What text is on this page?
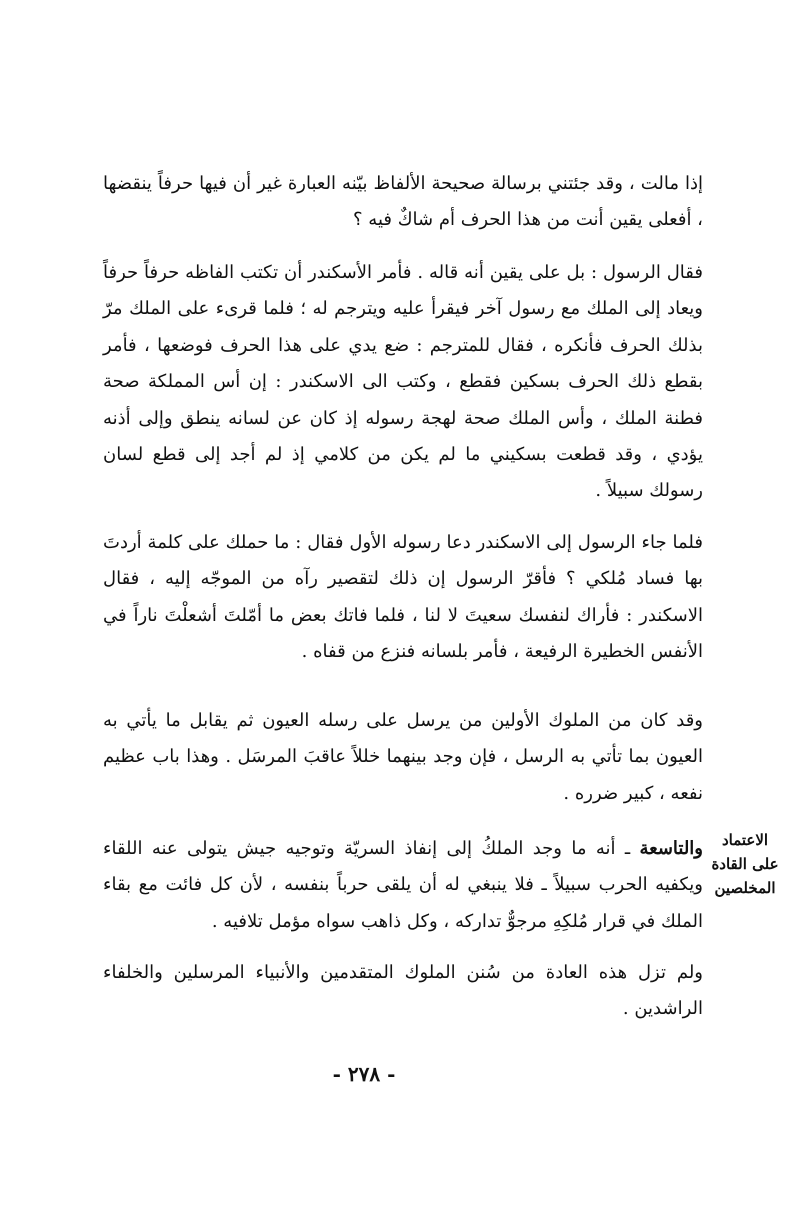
إذا مالت ، وقد جئتني برسالة صحيحة الألفاظ بيّنه العبارة غير أن فيها حرفاً ينقضها ، أفعلى يقين أنت من هذا الحرف أم شاكٌ فيه ؟

فقال الرسول : بل على يقين أنه قاله . فأمر الأسكندر أن تكتب الفاظه حرفاً حرفاً ويعاد إلى الملك مع رسول آخر فيقرأ عليه ويترجم له ؛ فلما قرىء على الملك مرّ بذلك الحرف فأنكره ، فقال للمترجم : ضع يدي على هذا الحرف فوضعها ، فأمر بقطع ذلك الحرف بسكين فقطع ، وكتب الى الاسكندر : إن أس المملكة صحة فطنة الملك ، وأس الملك صحة لهجة رسوله إذ كان عن لسانه ينطق وإلى أذنه يؤدي ، وقد قطعت بسكيني ما لم يكن من كلامي إذ لم أجد إلى قطع لسان رسولك سبيلاً .

فلما جاء الرسول إلى الاسكندر دعا رسوله الأول فقال : ما حملك على كلمة أردتَ بها فساد مُلكي ؟ فأقرّ الرسول إن ذلك لتقصير رآه من الموجّه إليه ، فقال الاسكندر : فأراك لنفسك سعيتَ لا لنا ، فلما فاتك بعض ما أمّلتَ أشعلْتَ ناراً في الأنفس الخطيرة الرفيعة ، فأمر بلسانه فنزع من قفاه .

وقد كان من الملوك الأولين من يرسل على رسله العيون ثم يقابل ما يأتي به العيون بما تأتي به الرسل ، فإن وجد بينهما خللاً عاقبَ المرسَل . وهذا باب عظيم نفعه ، كبير ضرره .

الاعتماد
على القادة
المخلصين

والتاسعة ـ أنه ما وجد الملكُ إلى إنفاذ السريّة وتوجيه جيش يتولى عنه اللقاء ويكفيه الحرب سبيلاً ـ فلا ينبغي له أن يلقى حرباً بنفسه ، لأن كل فائت مع بقاء الملك في قرار مُلكِهِ مرجوٌّ تداركه ، وكل ذاهب سواه مؤمل تلافيه .

ولم تزل هذه العادة من سُنن الملوك المتقدمين والأنبياء المرسلين والخلفاء الراشدين .

- ٢٧٨ -
